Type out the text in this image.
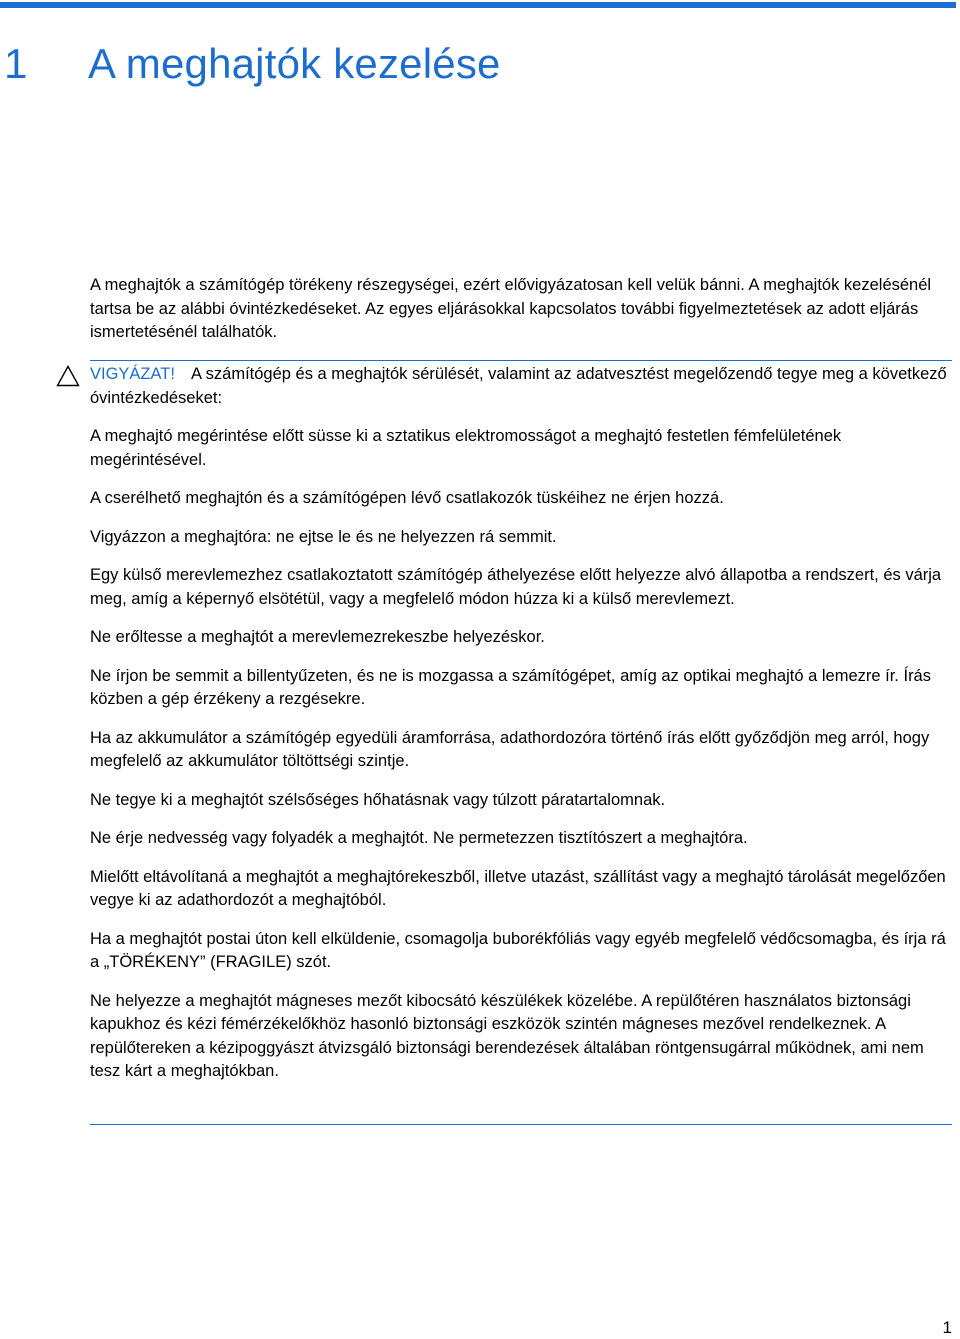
1 A meghajtók kezelése

A meghajtók a számítógép törékeny részegységei, ezért elővigyázatosan kell velük bánni. A meghajtók kezelésénél tartsa be az alábbi óvintézkedéseket. Az egyes eljárásokkal kapcsolatos további figyelmeztetések az adott eljárás ismertetésénél találhatók.

VIGYÁZAT! A számítógép és a meghajtók sérülését, valamint az adatvesztést megelőzendő tegye meg a következő óvintézkedéseket:

A meghajtó megérintése előtt süsse ki a sztatikus elektromosságot a meghajtó festetlen fémfelületének megérintésével.

A cserélhető meghajtón és a számítógépen lévő csatlakozók tüskéihez ne érjen hozzá.

Vigyázzon a meghajtóra: ne ejtse le és ne helyezzen rá semmit.

Egy külső merevlemezhez csatlakoztatott számítógép áthelyezése előtt helyezze alvó állapotba a rendszert, és várja meg, amíg a képernyő elsötétül, vagy a megfelelő módon húzza ki a külső merevlemezt.

Ne erőltesse a meghajtót a merevlemezrekeszbe helyezéskor.

Ne írjon be semmit a billentyűzeten, és ne is mozgassa a számítógépet, amíg az optikai meghajtó a lemezre ír. Írás közben a gép érzékeny a rezgésekre.

Ha az akkumulátor a számítógép egyedüli áramforrása, adathordozóra történő írás előtt győződjön meg arról, hogy megfelelő az akkumulátor töltöttségi szintje.

Ne tegye ki a meghajtót szélsőséges hőhatásnak vagy túlzott páratartalomnak.

Ne érje nedvesség vagy folyadék a meghajtót. Ne permetezzen tisztítószert a meghajtóra.

Mielőtt eltávolítaná a meghajtót a meghajtórekeszből, illetve utazást, szállítást vagy a meghajtó tárolását megelőzően vegye ki az adathordozót a meghajtóból.

Ha a meghajtót postai úton kell elküldenie, csomagolja buborékfóliás vagy egyéb megfelelő védőcsomagba, és írja rá a „TÖRÉKENY” (FRAGILE) szót.

Ne helyezze a meghajtót mágneses mezőt kibocsátó készülékek közelébe. A repülőtéren használatos biztonsági kapukhoz és kézi fémérzékelőkhöz hasonló biztonsági eszközök szintén mágneses mezővel rendelkeznek. A repülőtereken a kézipoggyászt átvizsgáló biztonsági berendezések általában röntgensugárral működnek, ami nem tesz kárt a meghajtókban.

1
